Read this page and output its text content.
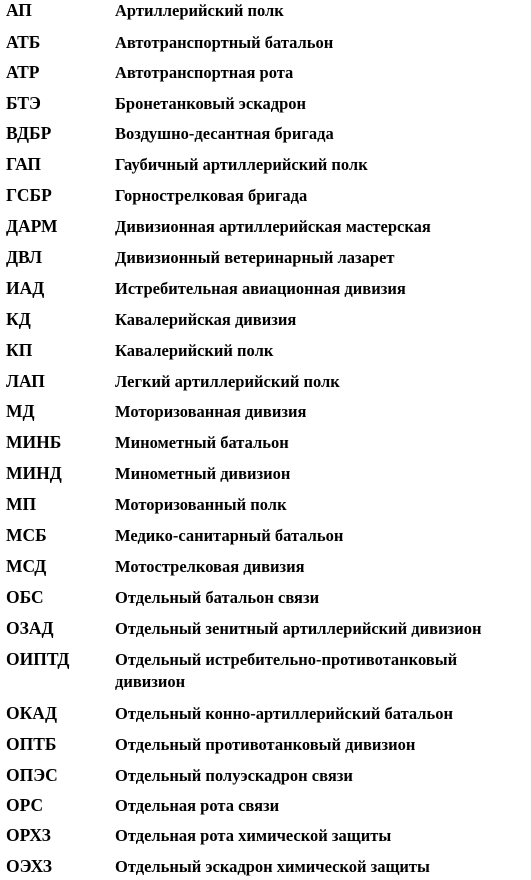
АП	Артиллерийский полк
АТБ	Автотранспортный батальон
АТР	Автотранспортная рота
БТЭ	Бронетанковый эскадрон
ВДБР	Воздушно-десантная бригада
ГАП	Гаубичный артиллерийский полк
ГСБР	Горнострелковая бригада
ДАРМ	Дивизионная артиллерийская мастерская
ДВЛ	Дивизионный ветеринарный лазарет
ИАД	Истребительная авиационная дивизия
КД	Кавалерийская дивизия
КП	Кавалерийский полк
ЛАП	Легкий артиллерийский полк
МД	Моторизованная дивизия
МИНБ	Минометный батальон
МИНД	Минометный дивизион
МП	Моторизованный полк
МСБ	Медико-санитарный батальон
МСД	Мотострелковая дивизия
ОБС	Отдельный батальон связи
ОЗАД	Отдельный зенитный артиллерийский дивизион
ОИПТД	Отдельный истребительно-противотанковый дивизион
ОКАД	Отдельный конно-артиллерийский батальон
ОПТБ	Отдельный противотанковый дивизион
ОПЭС	Отдельный полуэскадрон связи
ОРС	Отдельная рота связи
ОРХЗ	Отдельная рота химической защиты
ОЭХЗ	Отдельный эскадрон химической защиты
